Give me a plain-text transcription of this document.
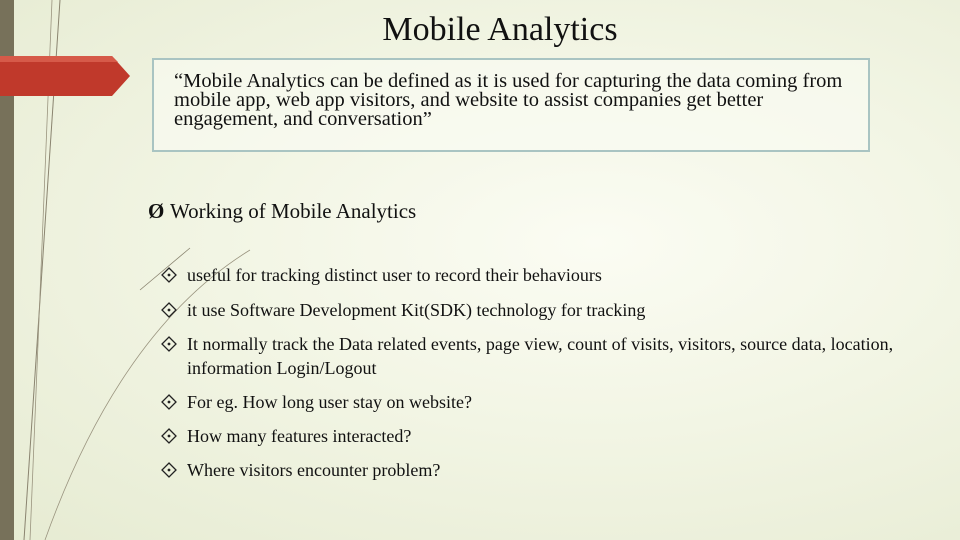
Mobile Analytics
“Mobile Analytics can be defined as it is used for capturing the data coming from mobile app, web app visitors, and website to assist companies get better engagement, and conversation”
Ø Working of Mobile Analytics
useful for tracking distinct user to record their behaviours
it use Software Development Kit(SDK) technology for tracking
It normally track the Data related events, page view, count of visits, visitors, source data, location, information Login/Logout
For eg. How long user stay on website?
How many features interacted?
Where visitors encounter problem?
